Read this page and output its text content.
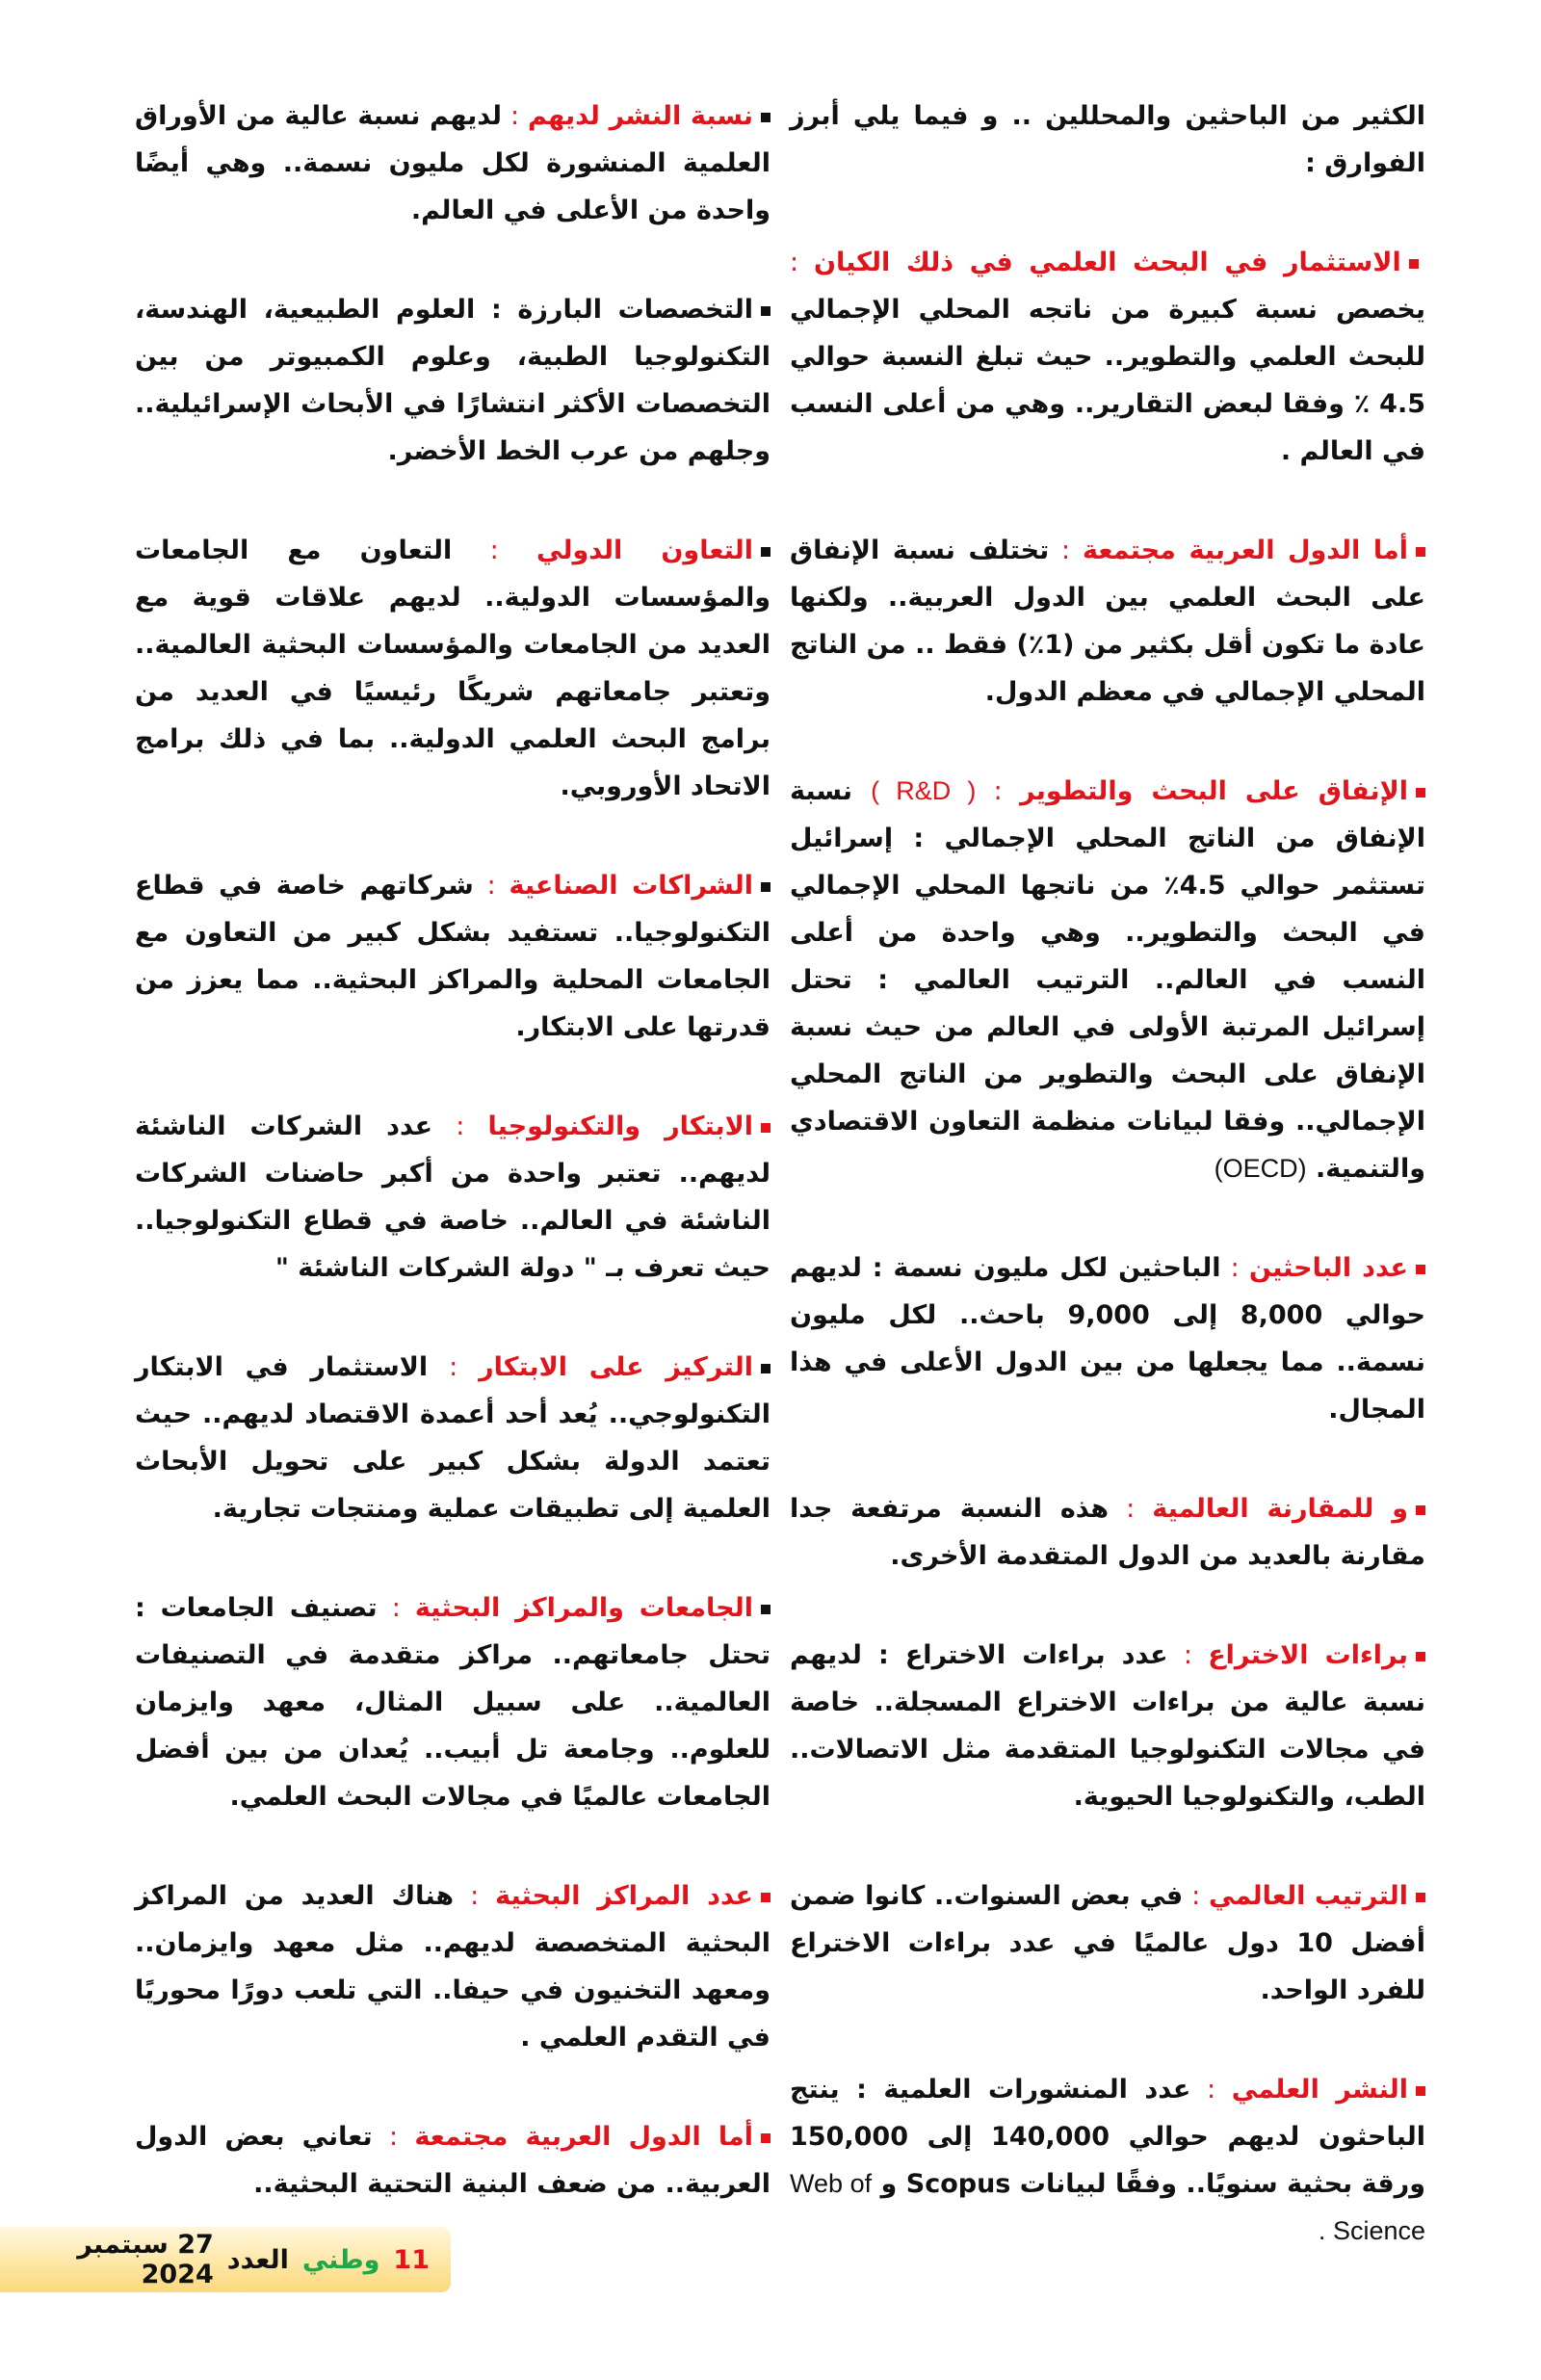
الكثير من الباحثين والمحللين .. و فيما يلي أبرز الفوارق :

الاستثمار في البحث العلمي في ذلك الكيان : يخصص نسبة كبيرة من ناتجه المحلي الإجمالي للبحث العلمي والتطوير.. حيث تبلغ النسبة حوالي 4.5 ٪ وفقا لبعض التقارير.. وهي من أعلى النسب في العالم .

أما الدول العربية مجتمعة : تختلف نسبة الإنفاق على البحث العلمي بين الدول العربية.. ولكنها عادة ما تكون أقل بكثير من (1٪) فقط .. من الناتج المحلي الإجمالي في معظم الدول.

الإنفاق على البحث والتطوير : ( R&D ) نسبة الإنفاق من الناتج المحلي الإجمالي : إسرائيل تستثمر حوالي 4.5٪ من ناتجها المحلي الإجمالي في البحث والتطوير.. وهي واحدة من أعلى النسب في العالم.. الترتيب العالمي : تحتل إسرائيل المرتبة الأولى في العالم من حيث نسبة الإنفاق على البحث والتطوير من الناتج المحلي الإجمالي.. وفقا لبيانات منظمة التعاون الاقتصادي والتنمية. (OECD)

عدد الباحثين : الباحثين لكل مليون نسمة : لديهم حوالي 8,000 إلى 9,000 باحث.. لكل مليون نسمة.. مما يجعلها من بين الدول الأعلى في هذا المجال.

و للمقارنة العالمية : هذه النسبة مرتفعة جدا مقارنة بالعديد من الدول المتقدمة الأخرى.

براءات الاختراع : عدد براءات الاختراع : لديهم نسبة عالية من براءات الاختراع المسجلة.. خاصة في مجالات التكنولوجيا المتقدمة مثل الاتصالات.. الطب، والتكنولوجيا الحيوية.

الترتيب العالمي : في بعض السنوات.. كانوا ضمن أفضل 10 دول عالميًا في عدد براءات الاختراع للفرد الواحد.

النشر العلمي : عدد المنشورات العلمية : ينتج الباحثون لديهم حوالي 140,000 إلى 150,000 ورقة بحثية سنويًا.. وفقًا لبيانات Scopus و Web of Science .

نسبة النشر لديهم : لديهم نسبة عالية من الأوراق العلمية المنشورة لكل مليون نسمة.. وهي أيضًا واحدة من الأعلى في العالم.

التخصصات البارزة : العلوم الطبيعية، الهندسة، التكنولوجيا الطبية، وعلوم الكمبيوتر من بين التخصصات الأكثر انتشارًا في الأبحاث الإسرائيلية.. وجلهم من عرب الخط الأخضر.

التعاون الدولي : التعاون مع الجامعات والمؤسسات الدولية.. لديهم علاقات قوية مع العديد من الجامعات والمؤسسات البحثية العالمية.. وتعتبر جامعاتهم شريكًا رئيسيًا في العديد من برامج البحث العلمي الدولية.. بما في ذلك برامج الاتحاد الأوروبي.

الشراكات الصناعية : شركاتهم خاصة في قطاع التكنولوجيا.. تستفيد بشكل كبير من التعاون مع الجامعات المحلية والمراكز البحثية.. مما يعزز من قدرتها على الابتكار.

الابتكار والتكنولوجيا : عدد الشركات الناشئة لديهم.. تعتبر واحدة من أكبر حاضنات الشركات الناشئة في العالم.. خاصة في قطاع التكنولوجيا.. حيث تعرف بـ " دولة الشركات الناشئة "

التركيز على الابتكار : الاستثمار في الابتكار التكنولوجي.. يُعد أحد أعمدة الاقتصاد لديهم.. حيث تعتمد الدولة بشكل كبير على تحويل الأبحاث العلمية إلى تطبيقات عملية ومنتجات تجارية.

الجامعات والمراكز البحثية : تصنيف الجامعات : تحتل جامعاتهم.. مراكز متقدمة في التصنيفات العالمية.. على سبيل المثال، معهد وايزمان للعلوم.. وجامعة تل أبيب.. يُعدان من بين أفضل الجامعات عالميًا في مجالات البحث العلمي.

عدد المراكز البحثية : هناك العديد من المراكز البحثية المتخصصة لديهم.. مثل معهد وايزمان.. ومعهد التخنيون في حيفا.. التي تلعب دورًا محوريًا في التقدم العلمي .

أما الدول العربية مجتمعة : تعاني بعض الدول العربية.. من ضعف البنية التحتية البحثية..

11
وطني
العدد
27 سبتمبر 2024
